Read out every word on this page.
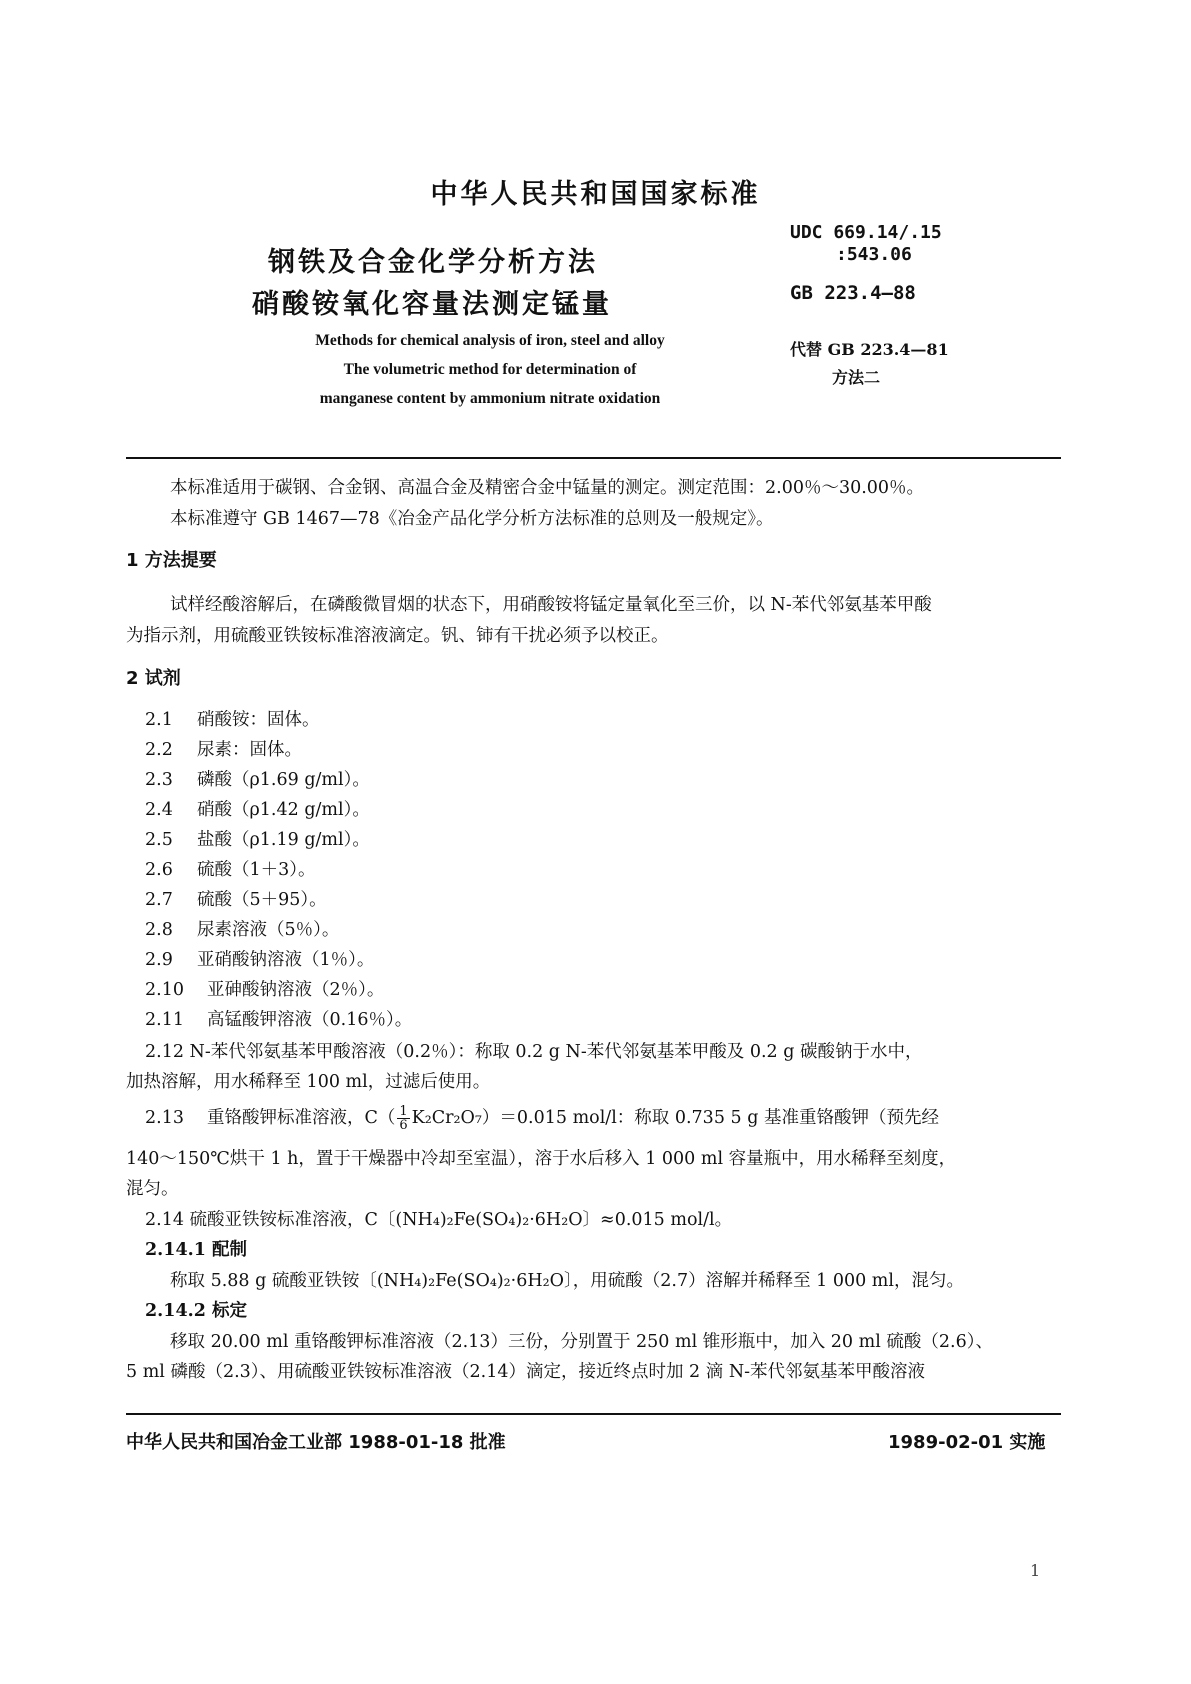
中华人民共和国国家标准
钢铁及合金化学分析方法
硝酸铵氧化容量法测定锰量
UDC 669.14/.15
:543.06
GB 223.4—88
代替 GB 223.4—81
方法二
Methods for chemical analysis of iron, steel and alloy
The volumetric method for determination of
manganese content by ammonium nitrate oxidation
本标准适用于碳钢、合金钢、高温合金及精密合金中锰量的测定。测定范围：2.00％～30.00％。
本标准遵守 GB 1467—78《冶金产品化学分析方法标准的总则及一般规定》。
1 方法提要
试样经酸溶解后，在磷酸微冒烟的状态下，用硝酸铵将锰定量氧化至三价，以 N-苯代邻氨基苯甲酸
为指示剂，用硫酸亚铁铵标准溶液滴定。钒、铈有干扰必须予以校正。
2 试剂
2.1 硝酸铵：固体。
2.2 尿素：固体。
2.3 磷酸（ρ1.69 g/ml）。
2.4 硝酸（ρ1.42 g/ml）。
2.5 盐酸（ρ1.19 g/ml）。
2.6 硫酸（1＋3）。
2.7 硫酸（5＋95）。
2.8 尿素溶液（5％）。
2.9 亚硝酸钠溶液（1％）。
2.10 亚砷酸钠溶液（2％）。
2.11 高锰酸钾溶液（0.16％）。
2.12 N-苯代邻氨基苯甲酸溶液（0.2％）：称取 0.2 g N-苯代邻氨基苯甲酸及 0.2 g 碳酸钠于水中，
加热溶解，用水稀释至 100 ml，过滤后使用。
2.13 重铬酸钾标准溶液，$C( \frac{1}{6} K_2Cr_2O_7)=0.015$ mol/l：称取 0.735 5 g 基准重铬酸钾（预先经
140～150℃烘干 1 h，置于干燥器中冷却至室温），溶于水后移入 1 000 ml 容量瓶中，用水稀释至刻度，
混匀。
2.14 硫酸亚铁铵标准溶液，C〔(NH₄)₂Fe(SO₄)₂·6H₂O〕≈0.015 mol/l。
2.14.1 配制
称取 5.88 g 硫酸亚铁铵〔(NH₄)₂Fe(SO₄)₂·6H₂O〕，用硫酸（2.7）溶解并稀释至 1 000 ml，混匀。
2.14.2 标定
移取 20.00 ml 重铬酸钾标准溶液（2.13）三份，分别置于 250 ml 锥形瓶中，加入 20 ml 硫酸（2.6）、
5 ml 磷酸（2.3）、用硫酸亚铁铵标准溶液（2.14）滴定，接近终点时加 2 滴 N-苯代邻氨基苯甲酸溶液
中华人民共和国冶金工业部 1988-01-18 批准	1989-02-01 实施
1
